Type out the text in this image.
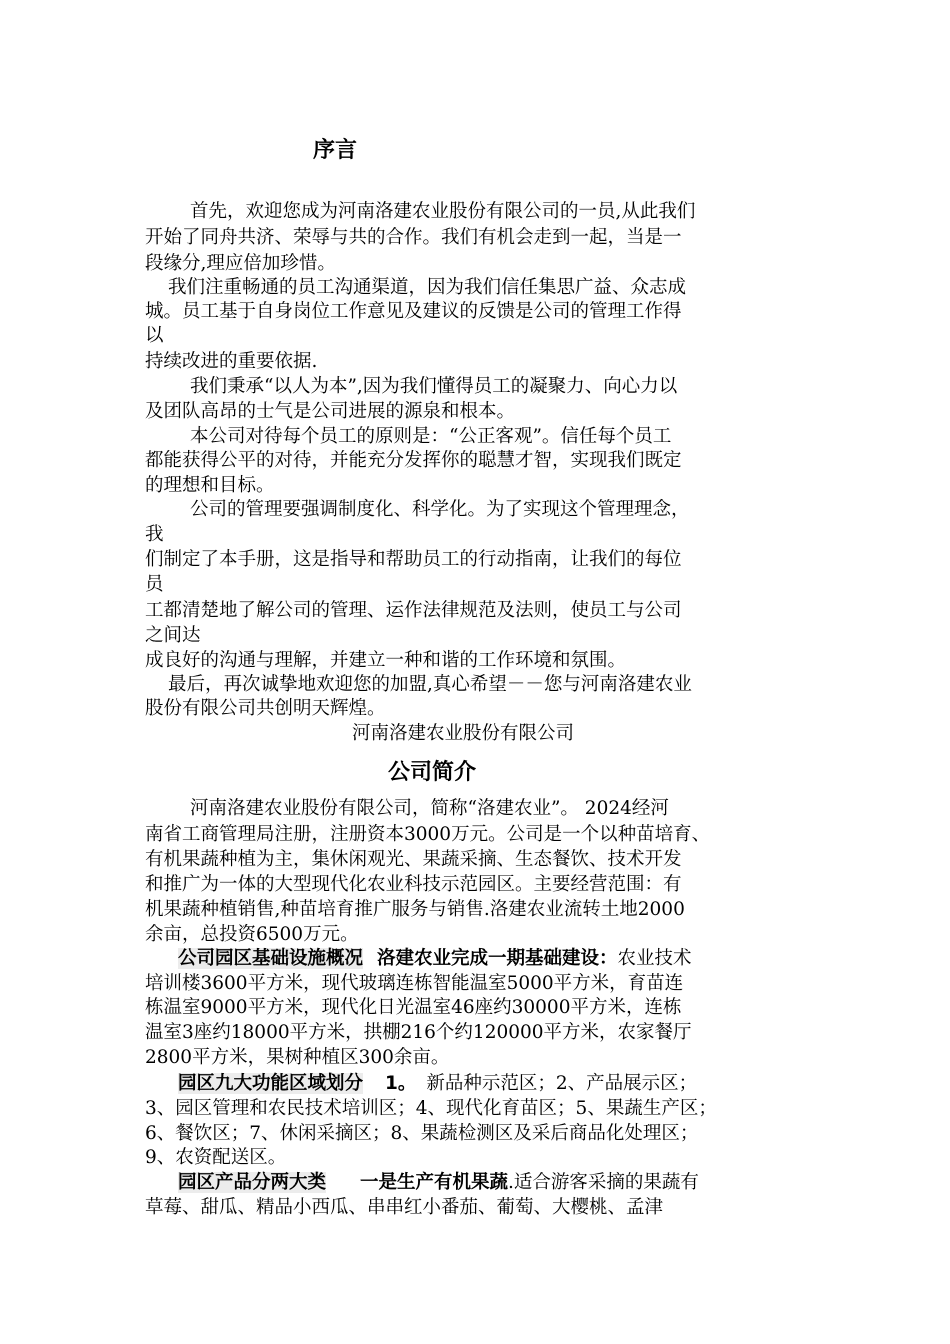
序言
首先，欢迎您成为河南洛建农业股份有限公司的一员,从此我们
开始了同舟共济、荣辱与共的合作。我们有机会走到一起，当是一
段缘分,理应倍加珍惜。
我们注重畅通的员工沟通渠道，因为我们信任集思广益、众志成
城。员工基于自身岗位工作意见及建议的反馈是公司的管理工作得
以
持续改进的重要依据.
我们秉承“以人为本”,因为我们懂得员工的凝聚力、向心力以
及团队高昂的士气是公司进展的源泉和根本。
本公司对待每个员工的原则是：“公正客观”。信任每个员工
都能获得公平的对待，并能充分发挥你的聪慧才智，实现我们既定
的理想和目标。
公司的管理要强调制度化、科学化。为了实现这个管理理念，
我
们制定了本手册，这是指导和帮助员工的行动指南，让我们的每位
员
工都清楚地了解公司的管理、运作法律规范及法则，使员工与公司
之间达
成良好的沟通与理解，并建立一种和谐的工作环境和氛围。
最后，再次诚挚地欢迎您的加盟,真心希望－－您与河南洛建农业
股份有限公司共创明天辉煌。
河南洛建农业股份有限公司
公司简介
河南洛建农业股份有限公司，简称“洛建农业”。 2024经河
南省工商管理局注册，注册资本3000万元。公司是一个以种苗培育、
有机果蔬种植为主，集休闲观光、果蔬采摘、生态餐饮、技术开发
和推广为一体的大型现代化农业科技示范园区。主要经营范围：有
机果蔬种植销售,种苗培育推广服务与销售.洛建农业流转土地2000
余亩，总投资6500万元。
公司园区基础设施概况 洛建农业完成一期基础建设：农业技术
培训楼3600平方米，现代玻璃连栋智能温室5000平方米，育苗连
栋温室9000平方米，现代化日光温室46座约30000平方米，连栋
温室3座约18000平方米，拱棚216个约120000平方米，农家餐厅
2800平方米，果树种植区300余亩。
园区九大功能区域划分 1。 新品种示范区；2、产品展示区；
3、园区管理和农民技术培训区；4、现代化育苗区；5、果蔬生产区；
6、餐饮区；7、休闲采摘区；8、果蔬检测区及采后商品化处理区；
9、农资配送区。
园区产品分两大类 一是生产有机果蔬.适合游客采摘的果蔬有
草莓、甜瓜、精品小西瓜、串串红小番茄、葡萄、大樱桃、孟津
